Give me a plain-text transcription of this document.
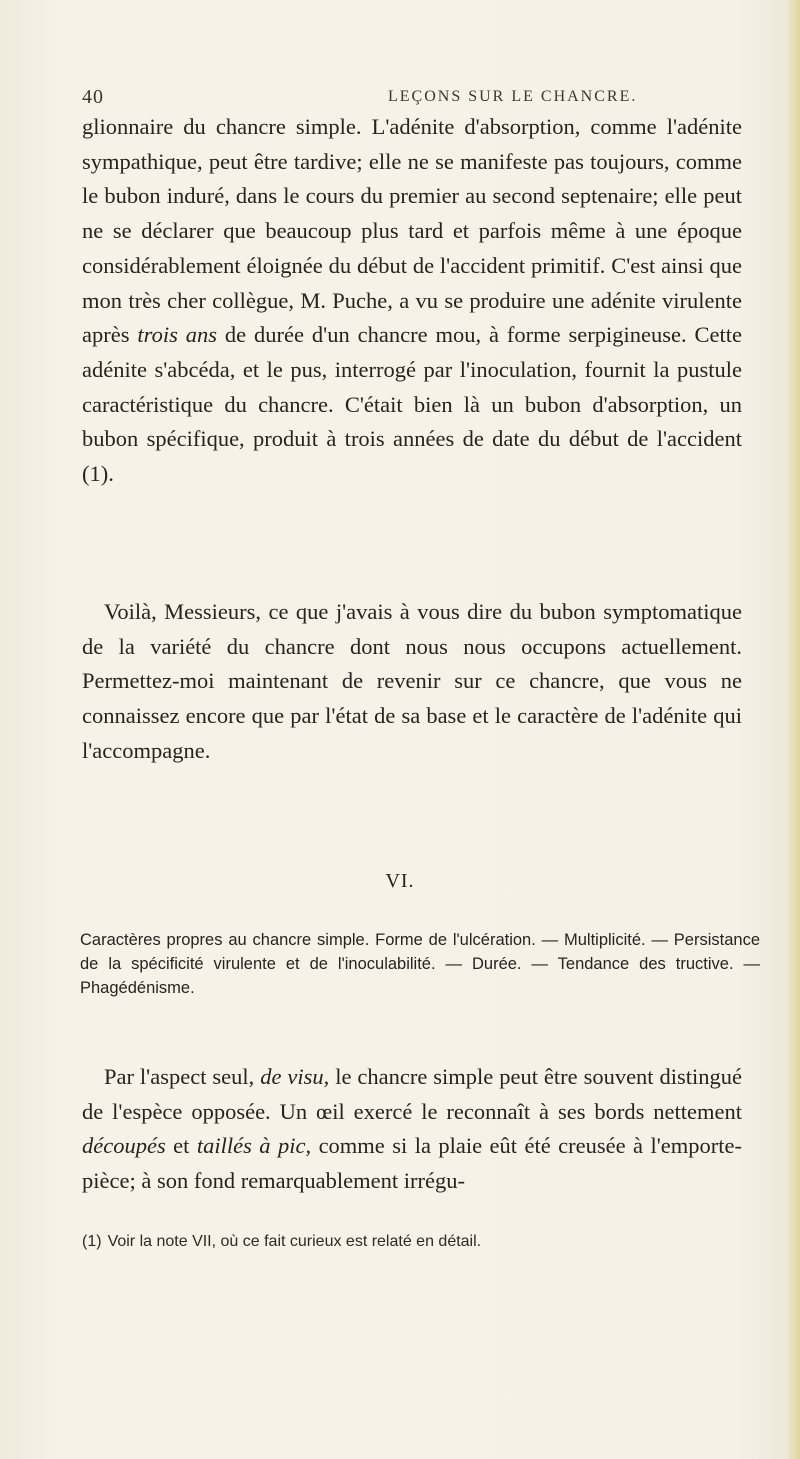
40	LEÇONS SUR LE CHANCRE.

glionnaire du chancre simple. L'adénite d'absorption, comme l'adénite sympathique, peut être tardive; elle ne se manifeste pas toujours, comme le bubon induré, dans le cours du premier au second septenaire; elle peut ne se déclarer que beaucoup plus tard et parfois même à une époque considérablement éloignée du début de l'accident primitif. C'est ainsi que mon très cher collègue, M. Puche, a vu se produire une adénite virulente après trois ans de durée d'un chancre mou, à forme serpigineuse. Cette adénite s'abcéda, et le pus, interrogé par l'inoculation, fournit la pustule caractéristique du chancre. C'était bien là un bubon d'absorption, un bubon spécifique, produit à trois années de date du début de l'accident (1).

Voilà, Messieurs, ce que j'avais à vous dire du bubon symptomatique de la variété du chancre dont nous nous occupons actuellement. Permettez-moi maintenant de revenir sur ce chancre, que vous ne connaissez encore que par l'état de sa base et le caractère de l'adénite qui l'accompagne.

VI.

Caractères propres au chancre simple. Forme de l'ulcération. — Multiplicité. — Persistance de la spécificité virulente et de l'inoculabilité. — Durée. — Tendance des tructive. — Phagédénisme.

Par l'aspect seul, de visu, le chancre simple peut être souvent distingué de l'espèce opposée. Un œil exercé le reconnaît à ses bords nettement découpés et taillés à pic, comme si la plaie eût été creusée à l'emporte-pièce; à son fond remarquablement irrégu-

(1) Voir la note VII, où ce fait curieux est relaté en détail.
